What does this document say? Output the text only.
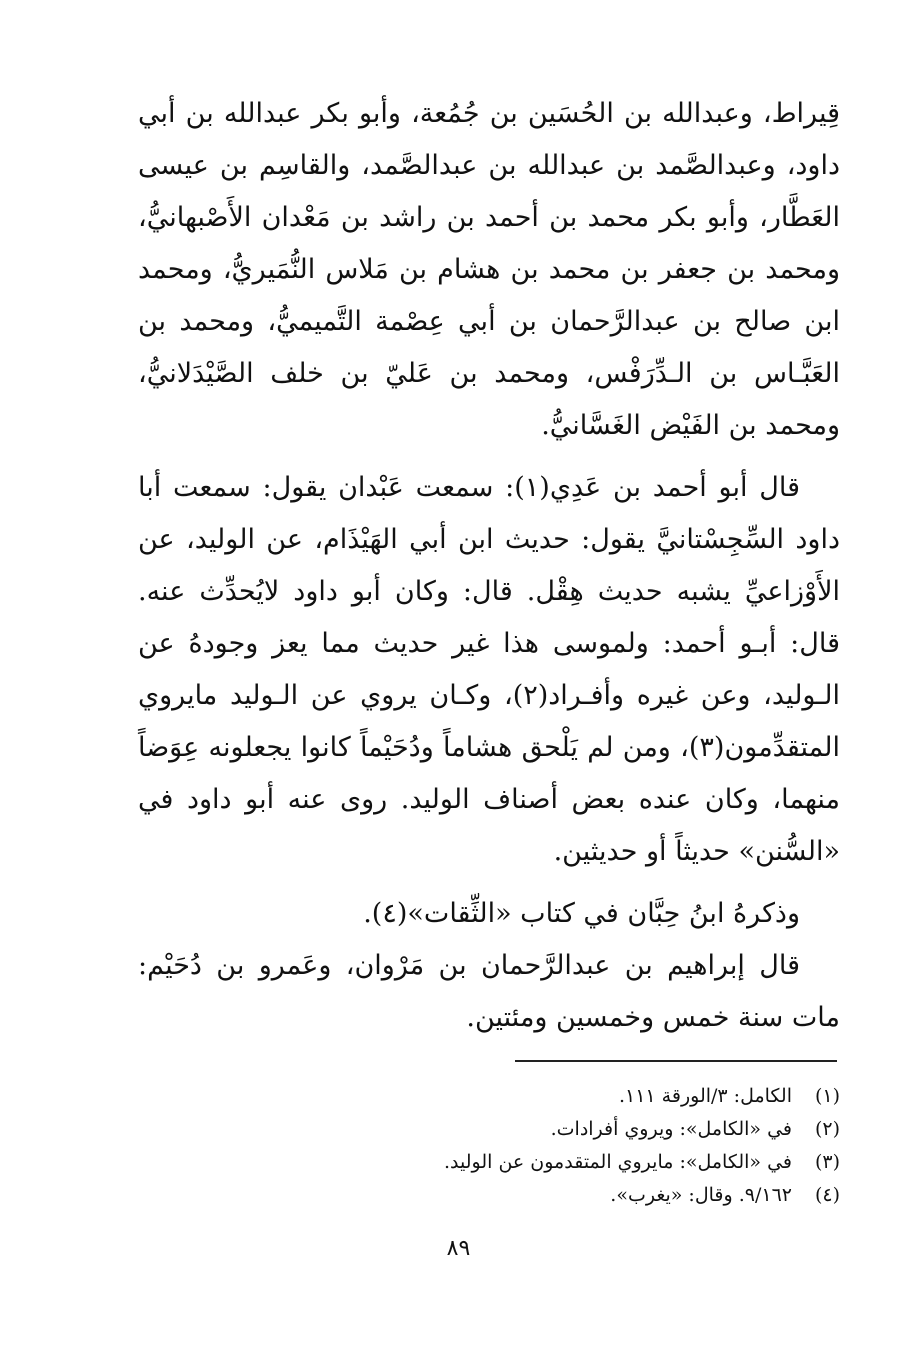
قِيراط، وعبدالله بن الحُسَين بن جُمُعة، وأبو بكر عبدالله بن أبي
داود، وعبدالصَّمد بن عبدالله بن عبدالصَّمد، والقاسِم بن عيسى
العَطَّار، وأبو بكر محمد بن أحمد بن راشد بن مَعْدان الأَصْبهانيُّ،
ومحمد بن جعفر بن محمد بن هشام بن مَلاس النُّمَيريُّ، ومحمد
ابن صالح بن عبدالرَّحمان بن أبي عِصْمة التَّميميُّ، ومحمد بن
العَبَّـاس بن الـدِّرَفْس، ومحمد بن عَليّ بن خلف الصَّيْدَلانيُّ،
ومحمد بن الفَيْض الغَسَّانيُّ.

قال أبو أحمد بن عَدِي(١): سمعت عَبْدان يقول: سمعت أبا
داود السِّجِسْتانيَّ يقول: حديث ابن أبي الهَيْذَام، عن الوليد، عن
الأَوْزاعيِّ يشبه حديث هِقْل. قال: وكان أبو داود لايُحدِّث عنه.
قال: أبـو أحمد: ولموسى هذا غير حديث مما يعز وجودهُ عن
الـوليد، وعن غيره وأفـراد(٢)، وكـان يروي عن الـوليد مايروي
المتقدِّمون(٣)، ومن لم يَلْحق هشاماً ودُحَيْماً كانوا يجعلونه عِوَضاً
منهما، وكان عنده بعض أصناف الوليد. روى عنه أبو داود في
«السُّنن» حديثاً أو حديثين.

وذكرهُ ابنُ حِبَّان في كتاب «الثِّقات»(٤).

قال إبراهيم بن عبدالرَّحمان بن مَرْوان، وعَمرو بن دُحَيْم:
مات سنة خمس وخمسين ومئتين.

(١)
الكامل: ٣/الورقة ١١١.
(٢)
في «الكامل»: ويروي أفرادات.
(٣)
في «الكامل»: مايروي المتقدمون عن الوليد.
(٤)
٩/١٦٢. وقال: «يغرب».
٨٩
